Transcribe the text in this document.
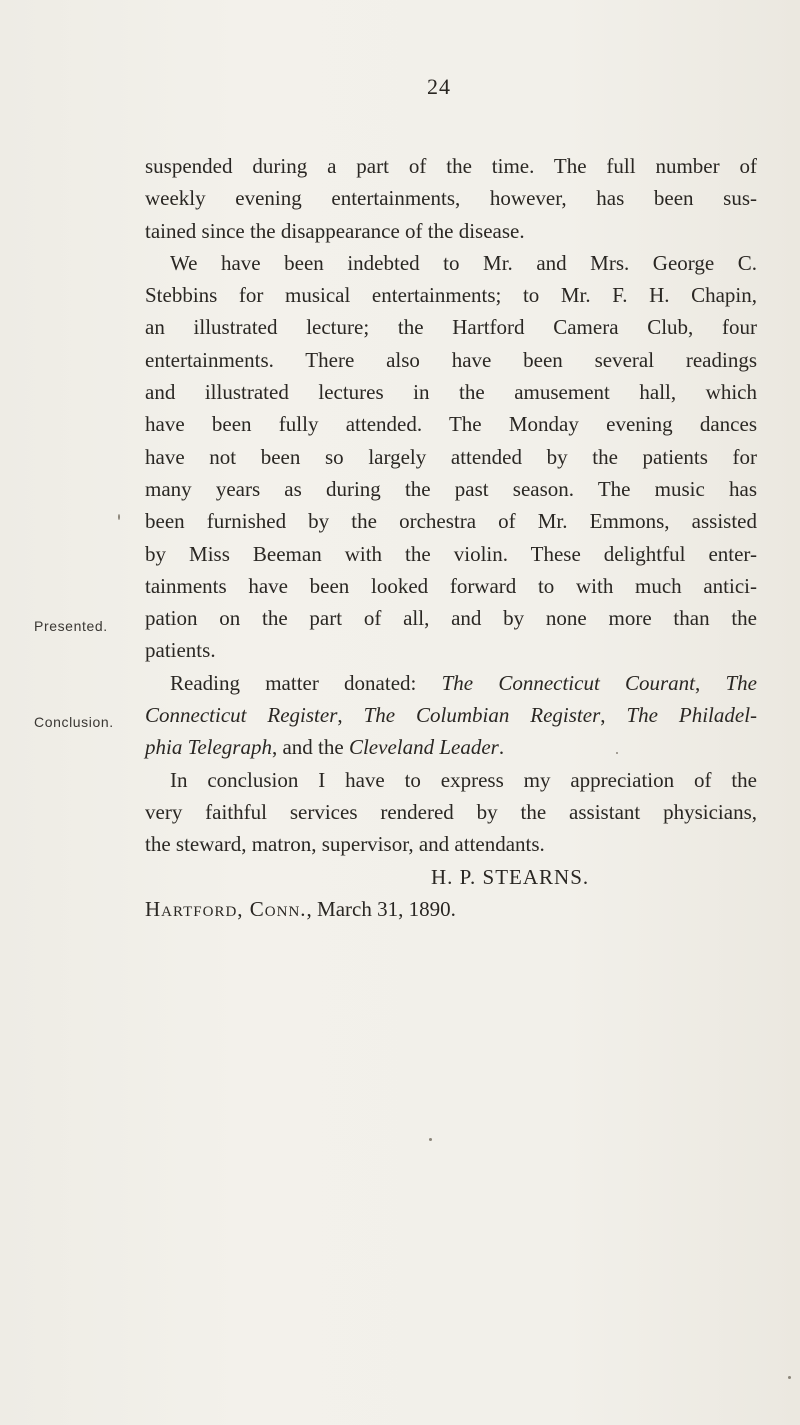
24
Presented.
Conclusion.
suspended during a part of the time. The full number of
weekly evening entertainments, however, has been sus-
tained since the disappearance of the disease.
We have been indebted to Mr. and Mrs. George C.
Stebbins for musical entertainments; to Mr. F. H. Chapin,
an illustrated lecture; the Hartford Camera Club, four
entertainments. There also have been several readings
and illustrated lectures in the amusement hall, which
have been fully attended. The Monday evening dances
have not been so largely attended by the patients for
many years as during the past season. The music has
been furnished by the orchestra of Mr. Emmons, assisted
by Miss Beeman with the violin. These delightful enter-
tainments have been looked forward to with much antici-
pation on the part of all, and by none more than the
patients.
Reading matter donated: The Connecticut Courant, The
Connecticut Register, The Columbian Register, The Philadel-
phia Telegraph, and the Cleveland Leader.
In conclusion I have to express my appreciation of the
very faithful services rendered by the assistant physicians,
the steward, matron, supervisor, and attendants.
H. P. STEARNS.
Hartford, Conn., March 31, 1890.
